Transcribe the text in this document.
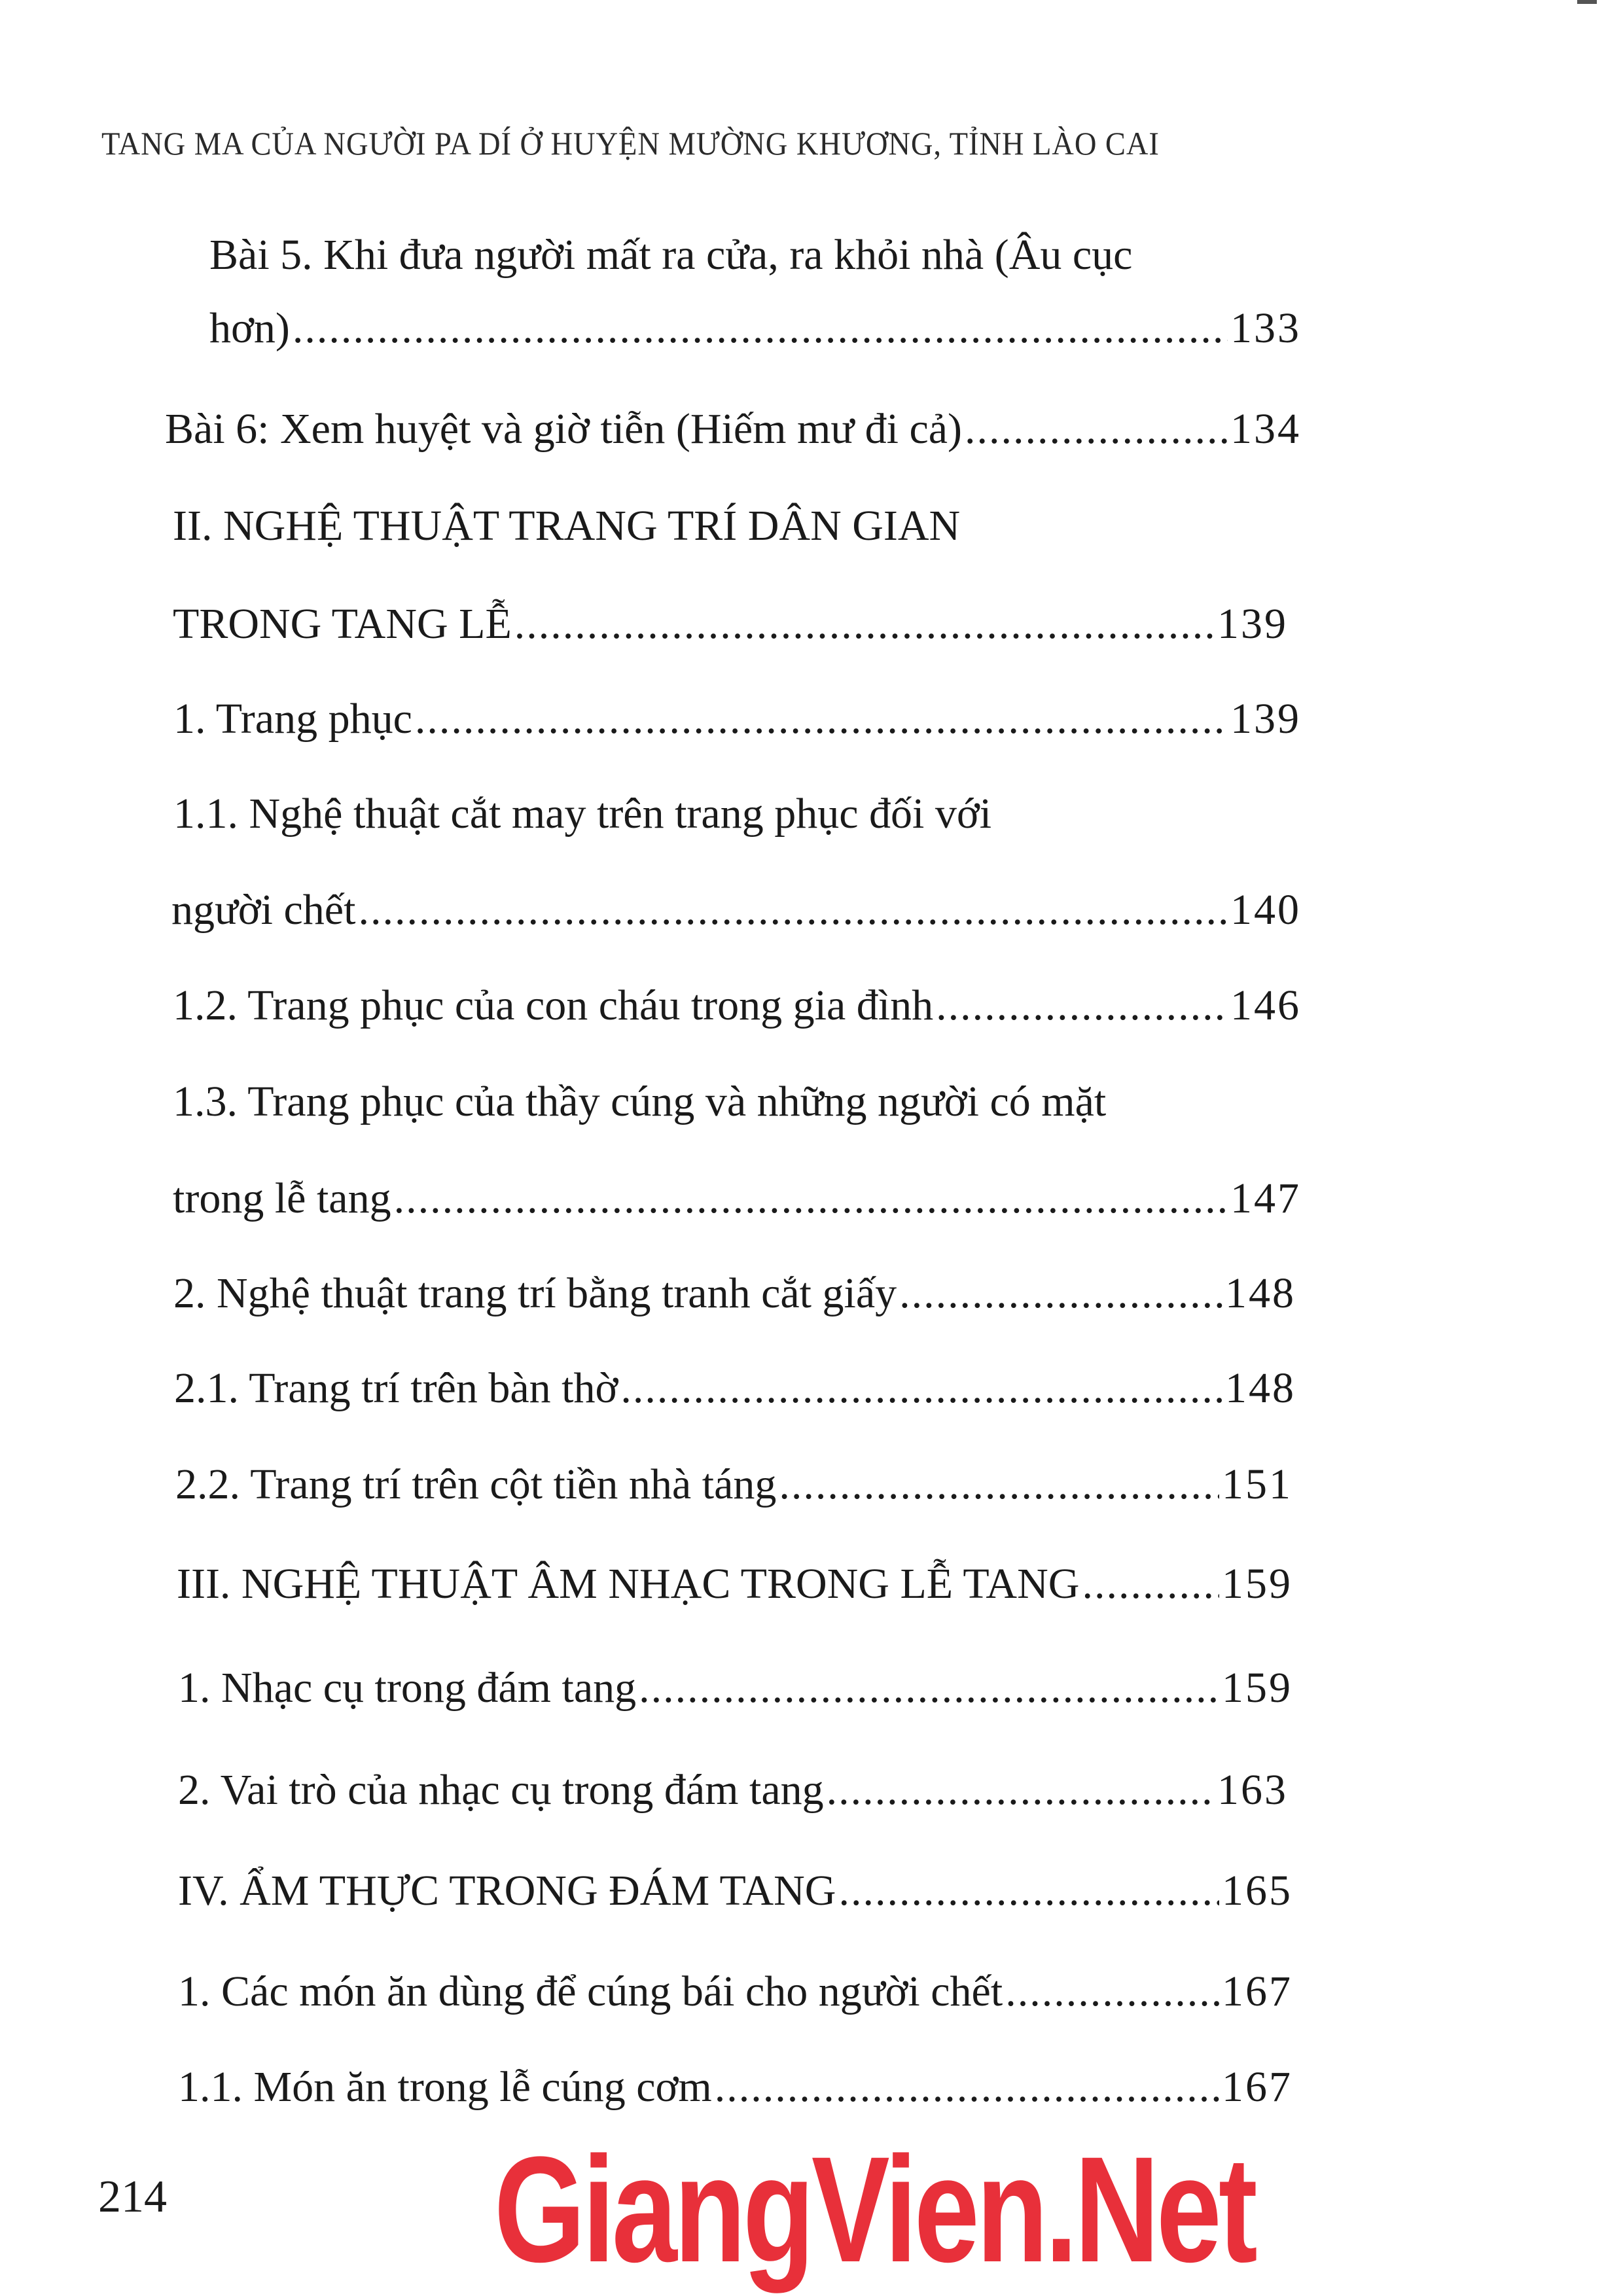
TANG MA CỦA NGƯỜI PA DÍ Ở HUYỆN MƯỜNG KHƯƠNG, TỈNH LÀO CAI
Bài 5. Khi đưa người mất ra cửa, ra khỏi nhà (Âu cục
hơn) .....	133
Bài 6: Xem huyệt và giờ tiễn (Hiếm mư đi cả) .....	134
II. NGHỆ THUẬT TRANG TRÍ DÂN GIAN
TRONG TANG LỄ .....	139
1. Trang phục .....	139
1.1. Nghệ thuật cắt may trên trang phục đối với
người chết .....	140
1.2. Trang phục của con cháu trong gia đình .....	146
1.3. Trang phục của thầy cúng và những người có mặt
trong lễ tang .....	147
2. Nghệ thuật trang trí bằng tranh cắt giấy .....	148
2.1. Trang trí trên bàn thờ .....	148
2.2. Trang trí trên cột tiền nhà táng .....	151
III. NGHỆ THUẬT ÂM NHẠC TRONG LỄ TANG .....	159
1. Nhạc cụ trong đám tang .....	159
2. Vai trò của nhạc cụ trong đám tang .....	163
IV. ẨM THỰC TRONG ĐÁM TANG .....	165
1. Các món ăn dùng để cúng bái cho người chết .....	167
1.1. Món ăn trong lễ cúng cơm .....	167
214 GiangVien.Net
